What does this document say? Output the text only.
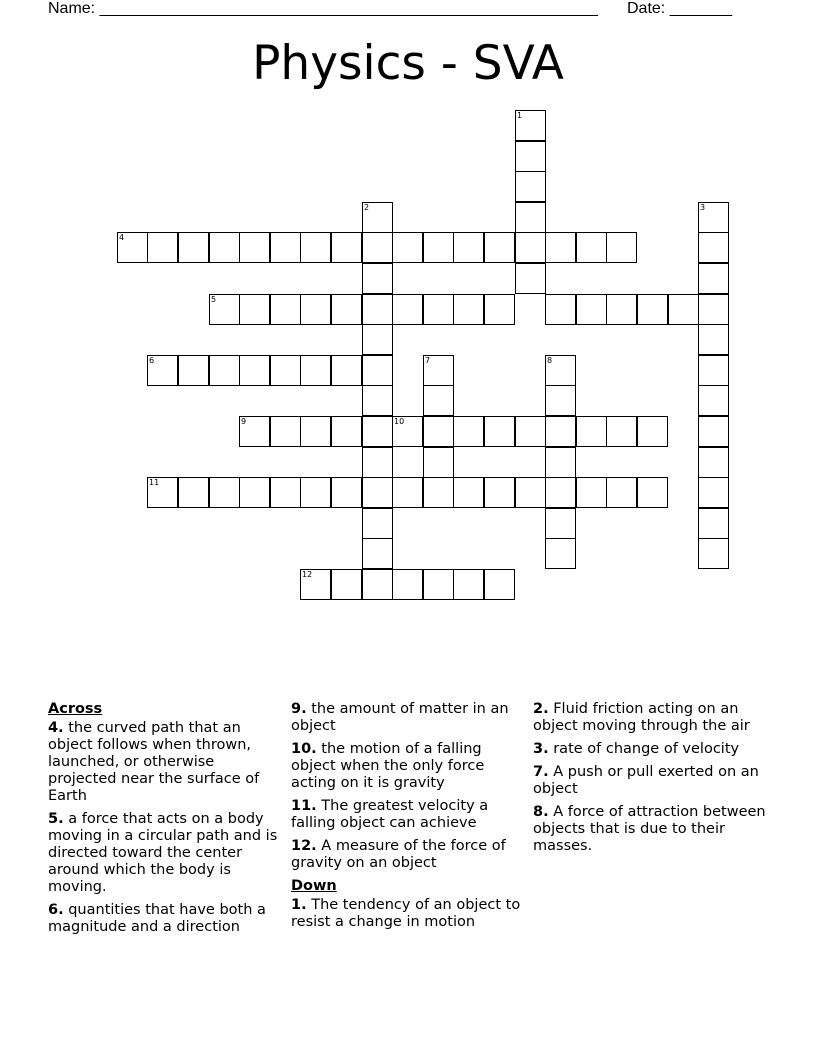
Name: ________________________________________________________ Date: _______
Physics - SVA
1
2	3
4
5
6	7	8
9	10
11
12
Across
4. the curved path that an object follows when thrown, launched, or otherwise projected near the surface of Earth
5. a force that acts on a body moving in a circular path and is directed toward the center around which the body is moving.
6. quantities that have both a magnitude and a direction
9. the amount of matter in an object
10. the motion of a falling object when the only force acting on it is gravity
11. The greatest velocity a falling object can achieve
12. A measure of the force of gravity on an object
Down
1. The tendency of an object to resist a change in motion
2. Fluid friction acting on an object moving through the air
3. rate of change of velocity
7. A push or pull exerted on an object
8. A force of attraction between objects that is due to their masses.
